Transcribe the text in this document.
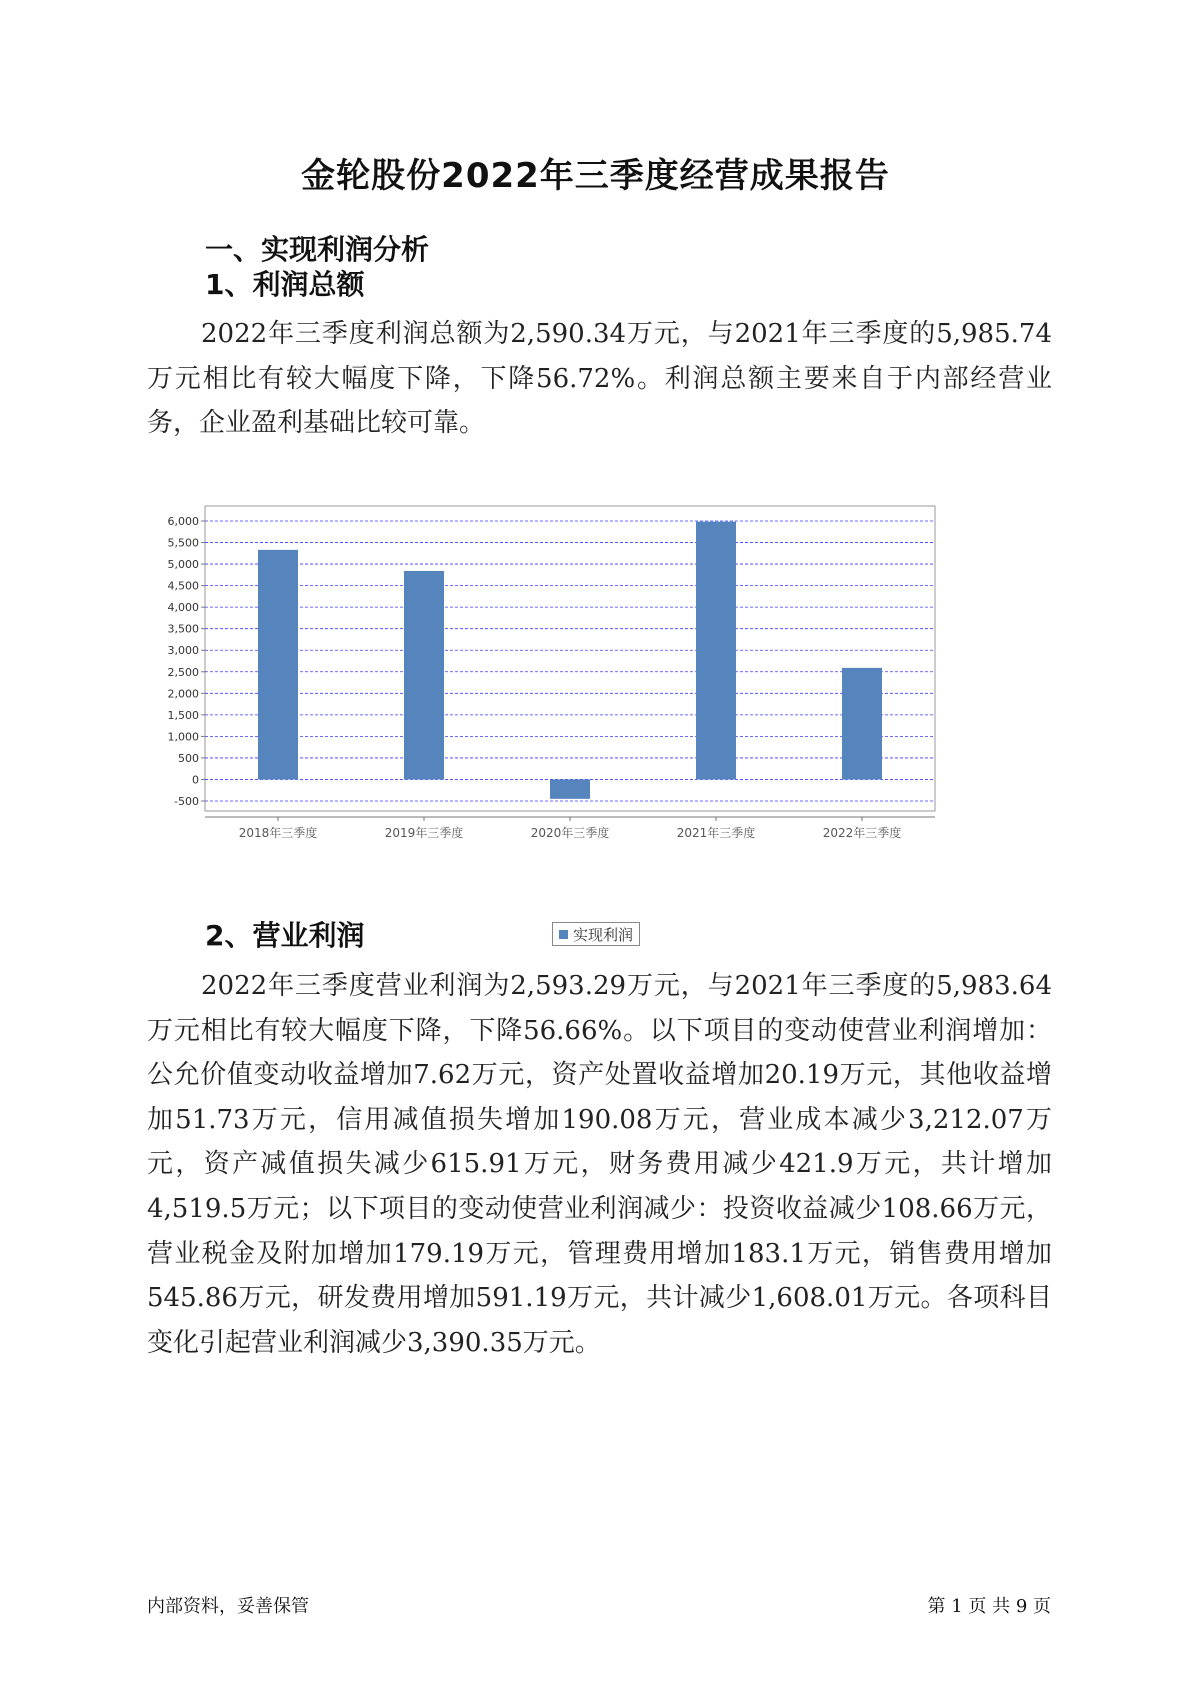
金轮股份2022年三季度经营成果报告
一、实现利润分析
1、利润总额

2022年三季度利润总额为2,590.34万元，与2021年三季度的5,985.74万元相比有较大幅度下降，下降56.72%。利润总额主要来自于内部经营业务，企业盈利基础比较可靠。

-500
0
500
1,000
1,500
2,000
2,500
3,000
3,500
4,000
4,500
5,000
5,500
6,000
2018年三季度	2019年三季度	2020年三季度	2021年三季度	2022年三季度
实现利润
2、营业利润

2022年三季度营业利润为2,593.29万元，与2021年三季度的5,983.64万元相比有较大幅度下降，下降56.66%。以下项目的变动使营业利润增加：公允价值变动收益增加7.62万元，资产处置收益增加20.19万元，其他收益增加51.73万元，信用减值损失增加190.08万元，营业成本减少3,212.07万元，资产减值损失减少615.91万元，财务费用减少421.9万元，共计增加4,519.5万元；以下项目的变动使营业利润减少：投资收益减少108.66万元，营业税金及附加增加179.19万元，管理费用增加183.1万元，销售费用增加545.86万元，研发费用增加591.19万元，共计减少1,608.01万元。各项科目变化引起营业利润减少3,390.35万元。

内部资料，妥善保管	第 1 页 共 9 页
